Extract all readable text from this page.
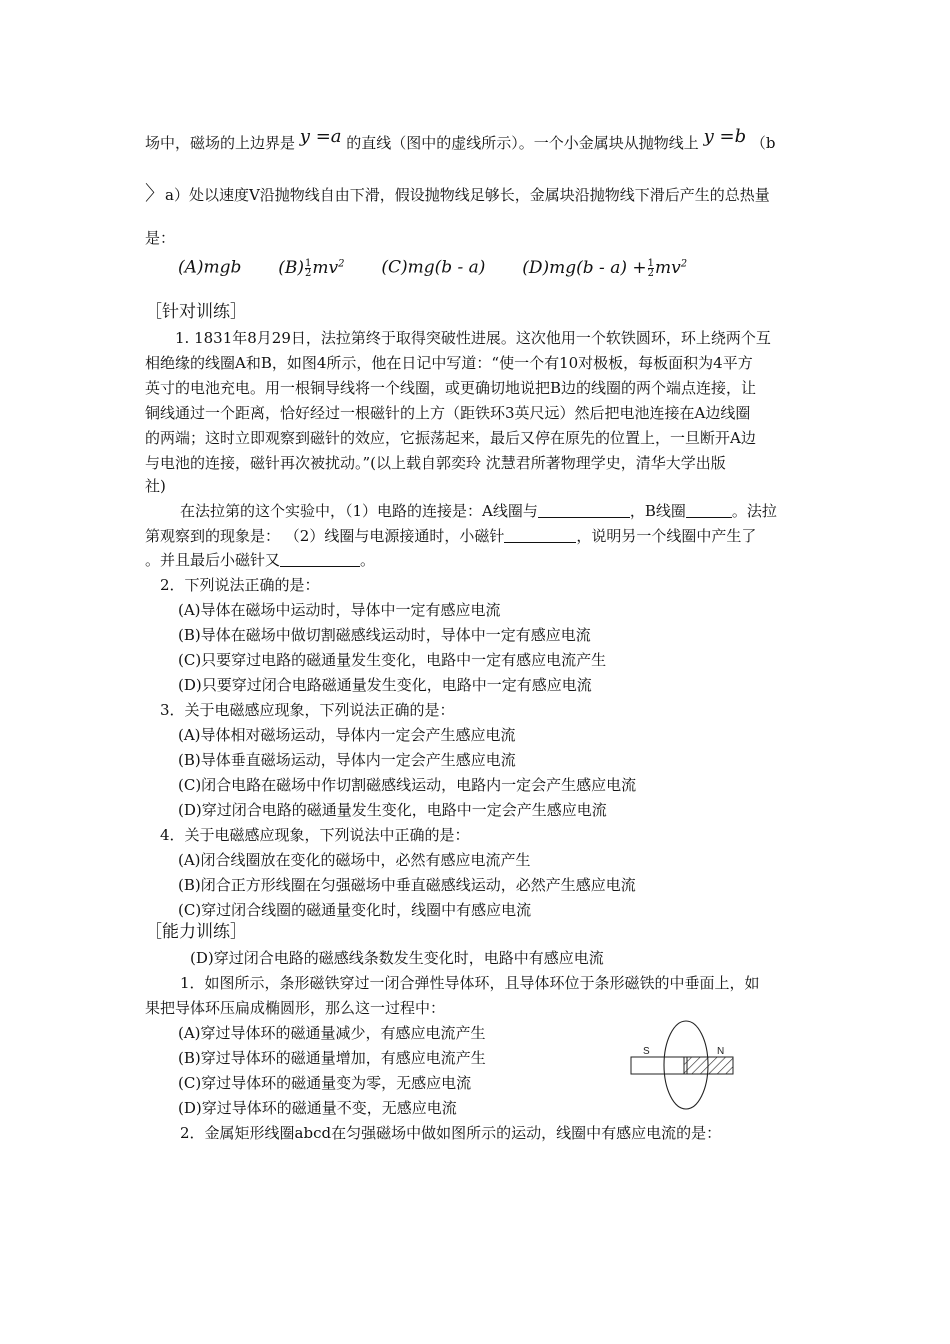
场中，磁场的上边界是 y =a 的直线（图中的虚线所示）。一个小金属块从抛物线上 y =b （b
〉a）处以速度V沿抛物线自由下滑，假设抛物线足够长，金属块沿抛物线下滑后产生的总热量
是：
(A)mgb $(B) \frac{1}{2} mv^2$ (C)mg(b - a) $(D)mg(b - a) + \frac{1}{2} mv^2$
［针对训练］
1. 1831年8月29日，法拉第终于取得突破性进展。这次他用一个软铁圆环，环上绕两个互
相绝缘的线圈A和B，如图4所示，他在日记中写道：“使一个有10对极板，每板面积为4平方
英寸的电池充电。用一根铜导线将一个线圈，或更确切地说把B边的线圈的两个端点连接，让
铜线通过一个距离，恰好经过一根磁针的上方（距铁环3英尺远）然后把电池连接在A边线圈
的两端；这时立即观察到磁针的效应，它振荡起来，最后又停在原先的位置上，一旦断开A边
与电池的连接，磁针再次被扰动。”(以上载自郭奕玲 沈慧君所著物理学史，清华大学出版
社)
在法拉第的这个实验中，（1）电路的连接是：A线圈与	，B线圈	。法拉
第观察到的现象是： （2）线圈与电源接通时，小磁针	，说明另一个线圈中产生了
。并且最后小磁针又	。
2．下列说法正确的是：
(A)导体在磁场中运动时，导体中一定有感应电流
(B)导体在磁场中做切割磁感线运动时，导体中一定有感应电流
(C)只要穿过电路的磁通量发生变化，电路中一定有感应电流产生
(D)只要穿过闭合电路磁通量发生变化，电路中一定有感应电流
3．关于电磁感应现象，下列说法正确的是：
(A)导体相对磁场运动，导体内一定会产生感应电流
(B)导体垂直磁场运动，导体内一定会产生感应电流
(C)闭合电路在磁场中作切割磁感线运动，电路内一定会产生感应电流
(D)穿过闭合电路的磁通量发生变化，电路中一定会产生感应电流
4．关于电磁感应现象，下列说法中正确的是：
(A)闭合线圈放在变化的磁场中，必然有感应电流产生
(B)闭合正方形线圈在匀强磁场中垂直磁感线运动，必然产生感应电流
(C)穿过闭合线圈的磁通量变化时，线圈中有感应电流
［能力训练］
(D)穿过闭合电路的磁感线条数发生变化时，电路中有感应电流
1．如图所示，条形磁铁穿过一闭合弹性导体环，且导体环位于条形磁铁的中垂面上，如
果把导体环压扁成椭圆形，那么这一过程中：
(A)穿过导体环的磁通量减少，有感应电流产生
(B)穿过导体环的磁通量增加，有感应电流产生
(C)穿过导体环的磁通量变为零，无感应电流
(D)穿过导体环的磁通量不变，无感应电流
2．金属矩形线圈abcd在匀强磁场中做如图所示的运动，线圈中有感应电流的是：
S	N
